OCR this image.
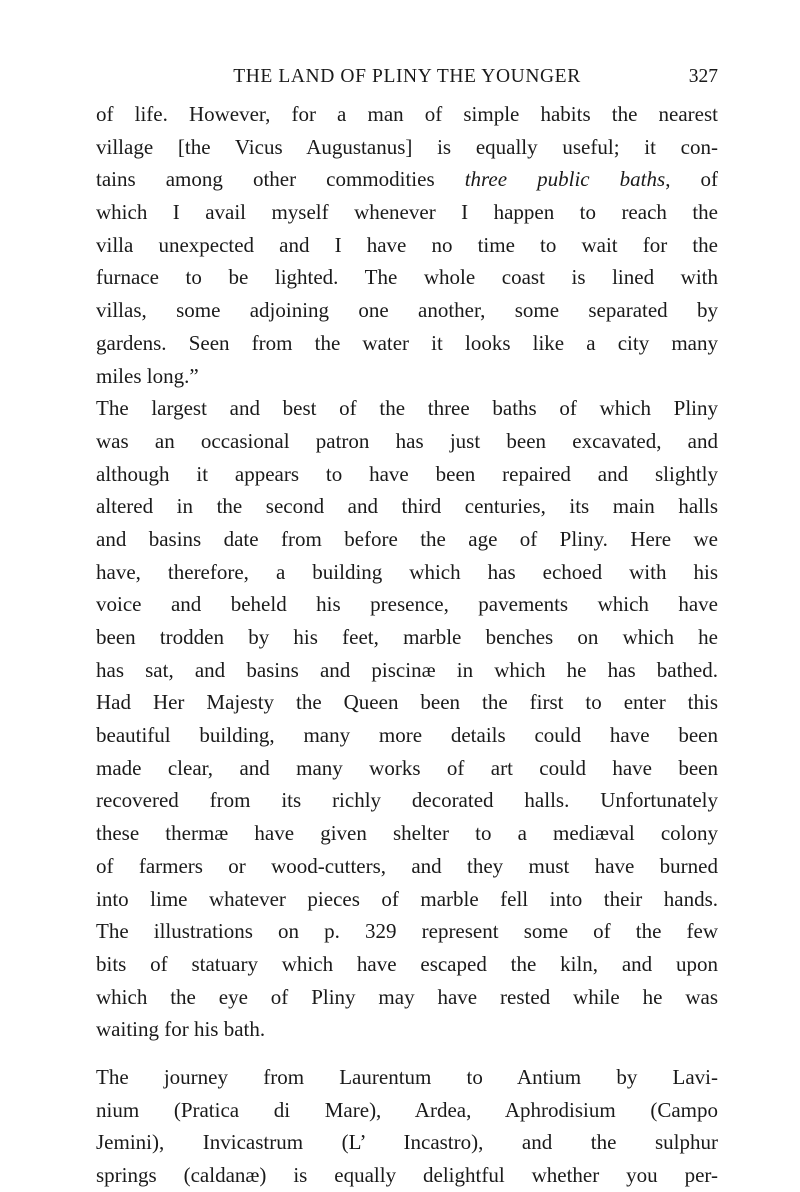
THE LAND OF PLINY THE YOUNGER	327
of life. However, for a man of simple habits the nearest
village [the Vicus Augustanus] is equally useful; it con-
tains among other commodities three public baths, of
which I avail myself whenever I happen to reach the
villa unexpected and I have no time to wait for the
furnace to be lighted. The whole coast is lined with
villas, some adjoining one another, some separated by
gardens. Seen from the water it looks like a city many
miles long.”
The largest and best of the three baths of which Pliny
was an occasional patron has just been excavated, and
although it appears to have been repaired and slightly
altered in the second and third centuries, its main halls
and basins date from before the age of Pliny. Here we
have, therefore, a building which has echoed with his
voice and beheld his presence, pavements which have
been trodden by his feet, marble benches on which he
has sat, and basins and piscinæ in which he has bathed.
Had Her Majesty the Queen been the first to enter this
beautiful building, many more details could have been
made clear, and many works of art could have been
recovered from its richly decorated halls. Unfortunately
these thermæ have given shelter to a mediæval colony
of farmers or wood-cutters, and they must have burned
into lime whatever pieces of marble fell into their hands.
The illustrations on p. 329 represent some of the few
bits of statuary which have escaped the kiln, and upon
which the eye of Pliny may have rested while he was
waiting for his bath.
The journey from Laurentum to Antium by Lavi-
nium (Pratica di Mare), Ardea, Aphrodisium (Campo
Jemini), Invicastrum (L’ Incastro), and the sulphur
springs (caldanæ) is equally delightful whether you per-
